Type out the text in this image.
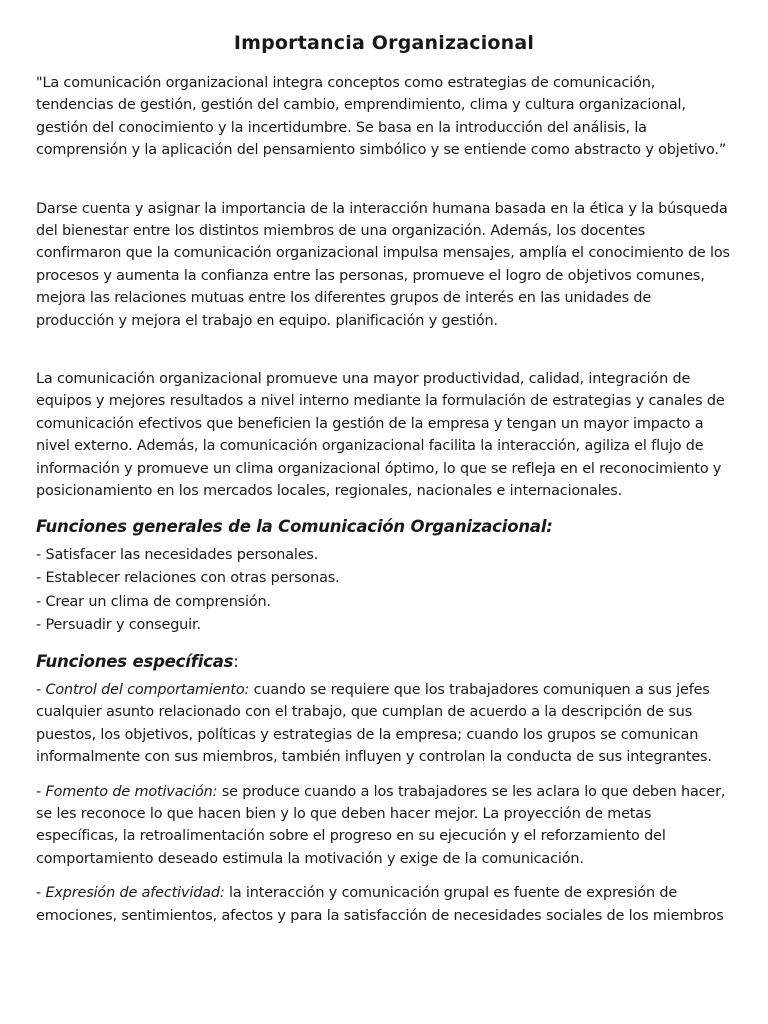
Importancia Organizacional

"La comunicación organizacional integra conceptos como estrategias de comunicación, tendencias de gestión, gestión del cambio, emprendimiento, clima y cultura organizacional, gestión del conocimiento y la incertidumbre. Se basa en la introducción del análisis, la comprensión y la aplicación del pensamiento simbólico y se entiende como abstracto y objetivo.”

Darse cuenta y asignar la importancia de la interacción humana basada en la ética y la búsqueda del bienestar entre los distintos miembros de una organización. Además, los docentes confirmaron que la comunicación organizacional impulsa mensajes, amplía el conocimiento de los procesos y aumenta la confianza entre las personas, promueve el logro de objetivos comunes, mejora las relaciones mutuas entre los diferentes grupos de interés en las unidades de producción y mejora el trabajo en equipo. planificación y gestión.

La comunicación organizacional promueve una mayor productividad, calidad, integración de equipos y mejores resultados a nivel interno mediante la formulación de estrategias y canales de comunicación efectivos que beneficien la gestión de la empresa y tengan un mayor impacto a nivel externo. Además, la comunicación organizacional facilita la interacción, agiliza el flujo de información y promueve un clima organizacional óptimo, lo que se refleja en el reconocimiento y posicionamiento en los mercados locales, regionales, nacionales e internacionales.

Funciones generales de la Comunicación Organizacional:
- Satisfacer las necesidades personales.
- Establecer relaciones con otras personas.
- Crear un clima de comprensión.
- Persuadir y conseguir.
Funciones específicas:

- Control del comportamiento: cuando se requiere que los trabajadores comuniquen a sus jefes cualquier asunto relacionado con el trabajo, que cumplan de acuerdo a la descripción de sus puestos, los objetivos, políticas y estrategias de la empresa; cuando los grupos se comunican informalmente con sus miembros, también influyen y controlan la conducta de sus integrantes.

- Fomento de motivación: se produce cuando a los trabajadores se les aclara lo que deben hacer, se les reconoce lo que hacen bien y lo que deben hacer mejor. La proyección de metas específicas, la retroalimentación sobre el progreso en su ejecución y el reforzamiento del comportamiento deseado estimula la motivación y exige de la comunicación.

- Expresión de afectividad: la interacción y comunicación grupal es fuente de expresión de emociones, sentimientos, afectos y para la satisfacción de necesidades sociales de los miembros
